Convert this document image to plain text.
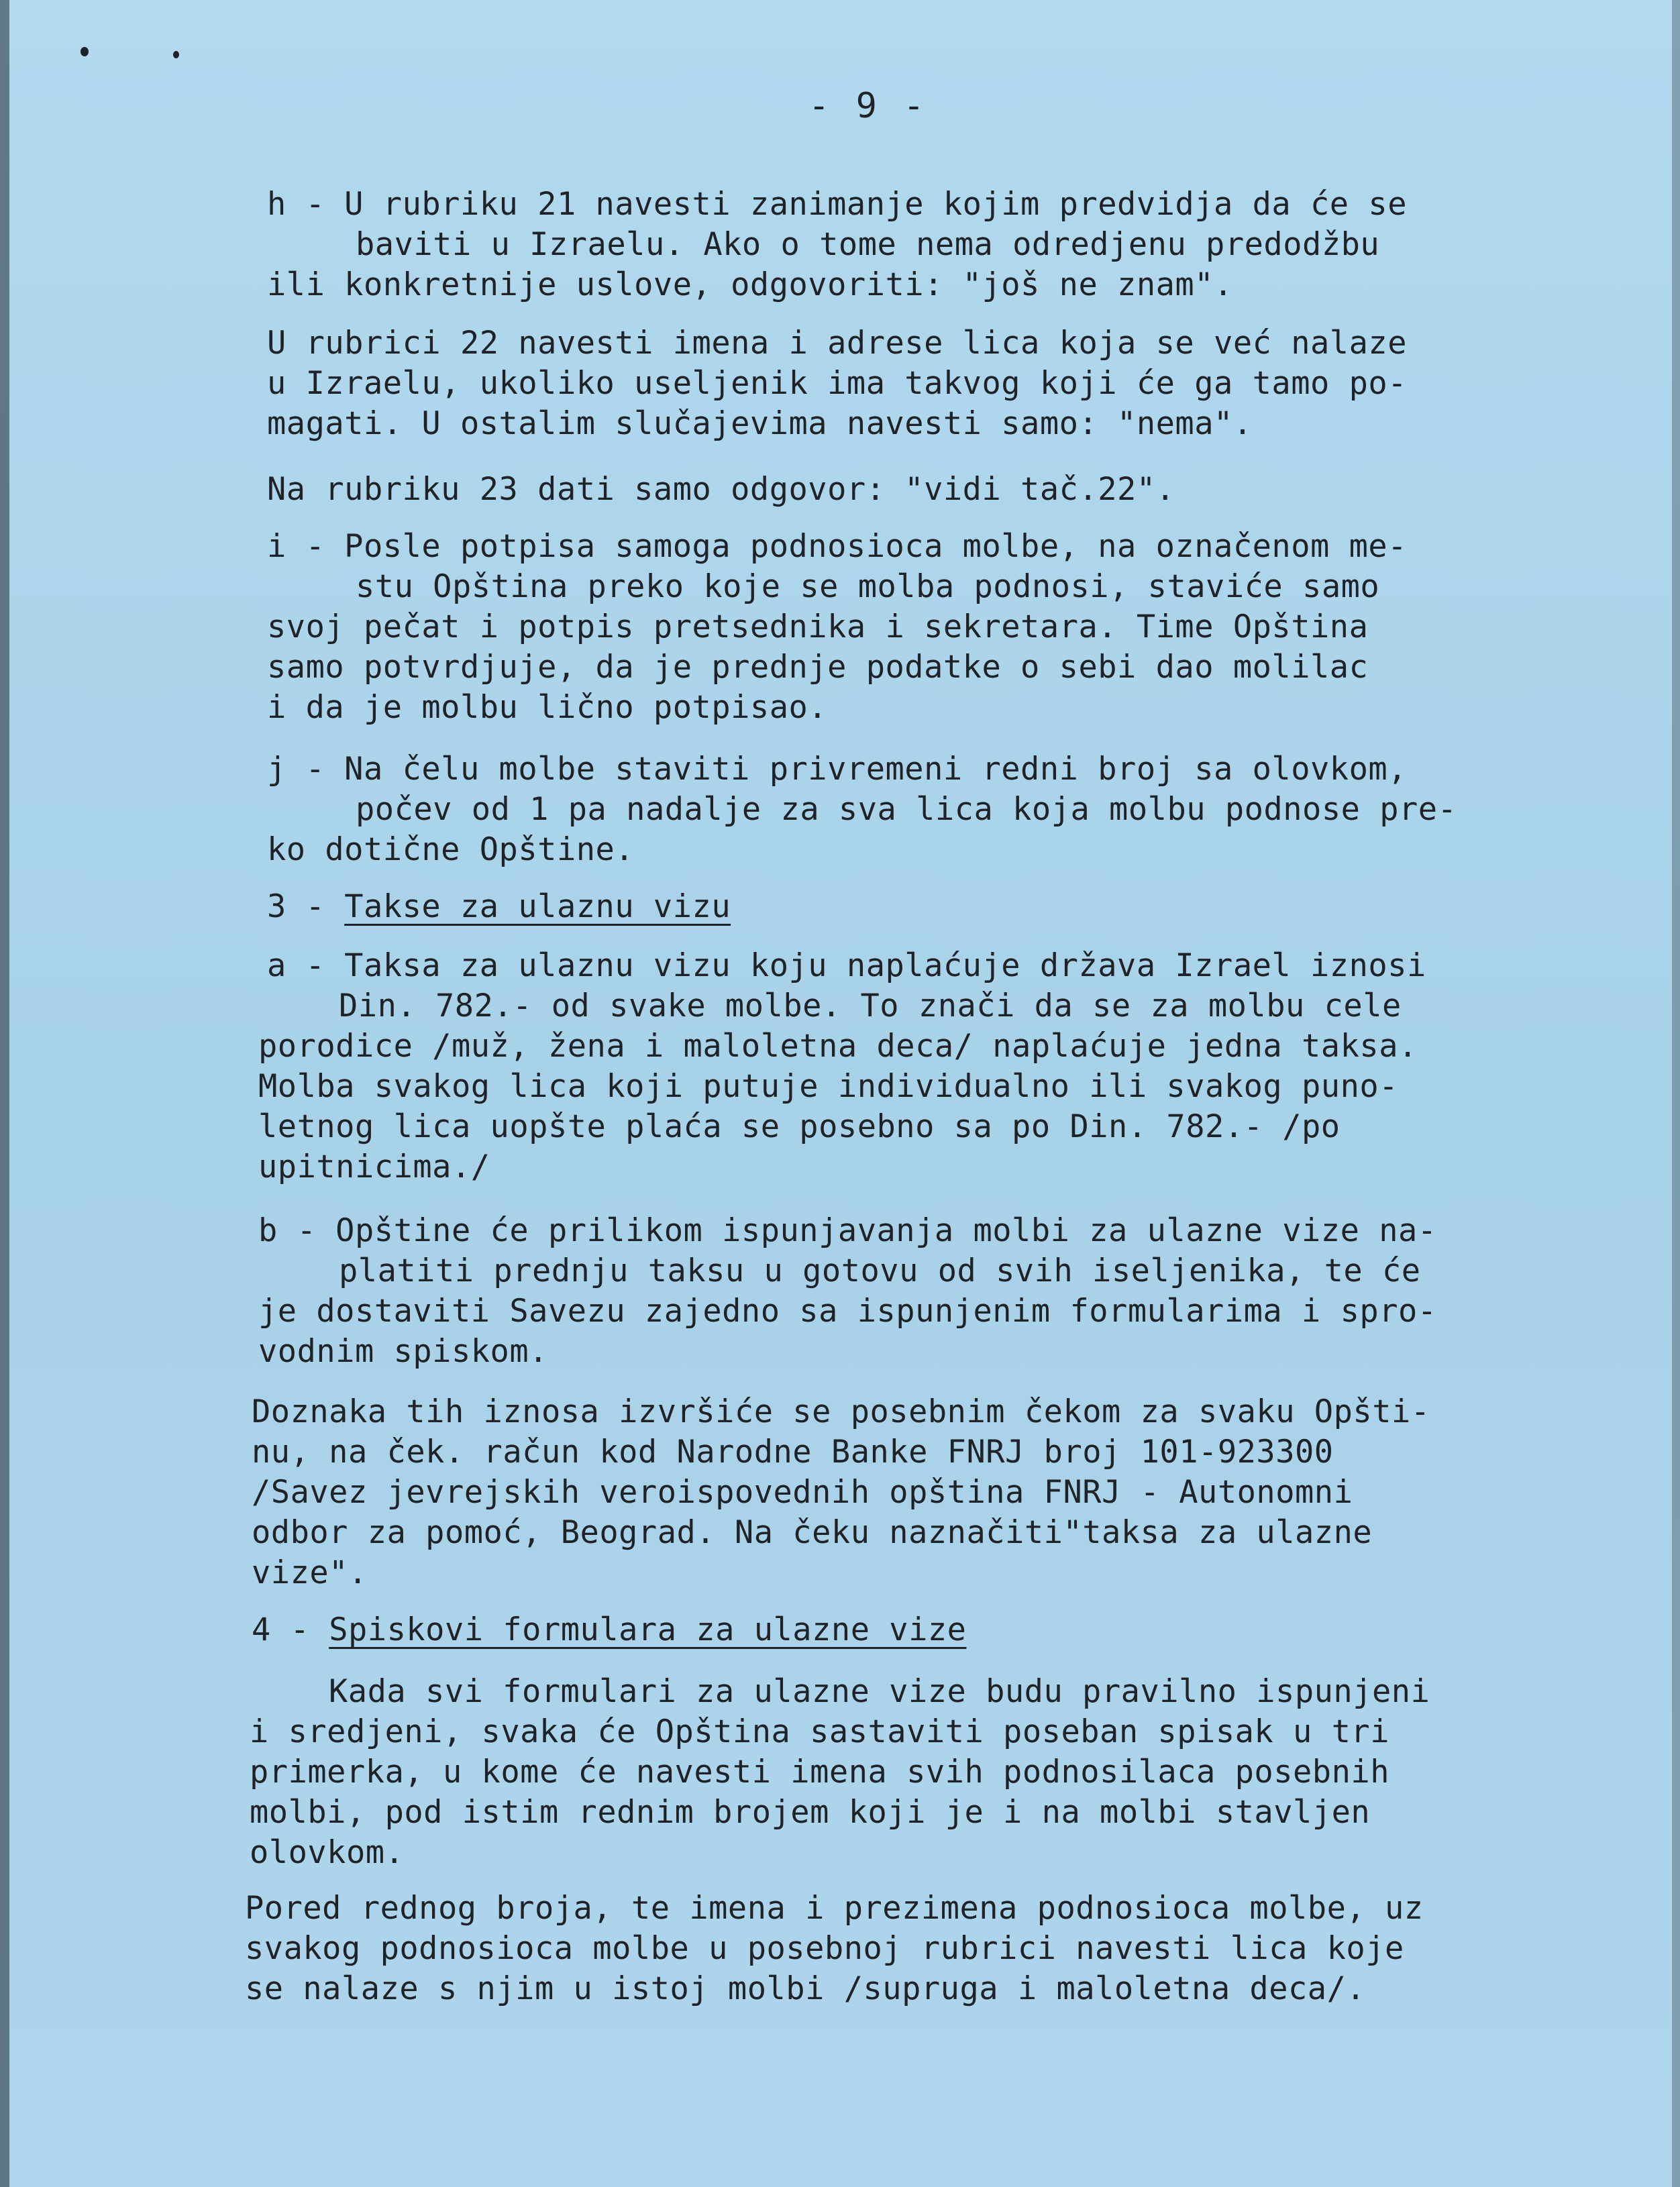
- 9 -
h - U rubriku 21 navesti zanimanje kojim predvidja da će se
baviti u Izraelu. Ako o tome nema odredjenu predodžbu
ili konkretnije uslove, odgovoriti: "još ne znam".
U rubrici 22 navesti imena i adrese lica koja se već nalaze
u Izraelu, ukoliko useljenik ima takvog koji će ga tamo po-
magati. U ostalim slučajevima navesti samo: "nema".
Na rubriku 23 dati samo odgovor: "vidi tač.22".
i - Posle potpisa samoga podnosioca molbe, na označenom me-
stu Opština preko koje se molba podnosi, staviće samo
svoj pečat i potpis pretsednika i sekretara. Time Opština
samo potvrdjuje, da je prednje podatke o sebi dao molilac
i da je molbu lično potpisao.
j - Na čelu molbe staviti privremeni redni broj sa olovkom,
počev od 1 pa nadalje za sva lica koja molbu podnose pre-
ko dotične Opštine.
3 - Takse za ulaznu vizu
a - Taksa za ulaznu vizu koju naplaćuje država Izrael iznosi
Din. 782.- od svake molbe. To znači da se za molbu cele
porodice /muž, žena i maloletna deca/ naplaćuje jedna taksa.
Molba svakog lica koji putuje individualno ili svakog puno-
letnog lica uopšte plaća se posebno sa po Din. 782.- /po
upitnicima./
b - Opštine će prilikom ispunjavanja molbi za ulazne vize na-
platiti prednju taksu u gotovu od svih iseljenika, te će
je dostaviti Savezu zajedno sa ispunjenim formularima i spro-
vodnim spiskom.
Doznaka tih iznosa izvršiće se posebnim čekom za svaku Opšti-
nu, na ček. račun kod Narodne Banke FNRJ broj 101-923300
/Savez jevrejskih veroispovednih opština FNRJ - Autonomni
odbor za pomoć, Beograd. Na čeku naznačiti"taksa za ulazne
vize".
4 - Spiskovi formulara za ulazne vize
Kada svi formulari za ulazne vize budu pravilno ispunjeni
i sredjeni, svaka će Opština sastaviti poseban spisak u tri
primerka, u kome će navesti imena svih podnosilaca posebnih
molbi, pod istim rednim brojem koji je i na molbi stavljen
olovkom.
Pored rednog broja, te imena i prezimena podnosioca molbe, uz
svakog podnosioca molbe u posebnoj rubrici navesti lica koje
se nalaze s njim u istoj molbi /supruga i maloletna deca/.
